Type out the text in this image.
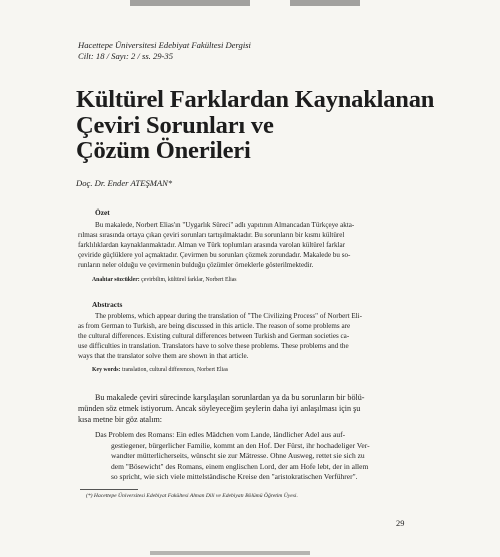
Hacettepe Üniversitesi Edebiyat Fakültesi Dergisi
Cilt: 18 / Sayı: 2 / ss. 29-35
Kültürel Farklardan Kaynaklanan
Çeviri Sorunları ve
Çözüm Önerileri
Doç. Dr. Ender ATEŞMAN*
Özet
Bu makalede, Norbert Elias'ın "Uygarlık Süreci" adlı yapıtının Almancadan Türkçeye akta-
rılması sırasında ortaya çıkan çeviri sorunları tartışılmaktadır. Bu sorunların bir kısmı kültürel
farklılıklardan kaynaklanmaktadır. Alman ve Türk toplumları arasında varolan kültürel farklar
çeviride güçlüklere yol açmaktadır. Çevirmen bu sorunları çözmek zorundadır. Makalede bu so-
runların neler olduğu ve çevirmenin bulduğu çözümler örneklerle gösterilmektedir.
Anahtar sözcükler: çevirbilim, kültürel farklar, Norbert Elias
Abstracts
The problems, which appear during the translation of "The Civilizing Process" of Norbert Eli-
as from German to Turkish, are being discussed in this article. The reason of some problems are
the cultural differences. Existing cultural differences between Turkish and German societies ca-
use difficulties in translation. Translators have to solve these problems. These problems and the
ways that the translator solve them are shown in that article.
Key words: translation, cultural differences, Norbert Elias
Bu makalede çeviri sürecinde karşılaşılan sorunlardan ya da bu sorunların bir bölü-
münden söz etmek istiyorum. Ancak söyleyeceğim şeylerin daha iyi anlaşılması için şu
kısa metne bir göz atalım:
Das Problem des Romans: Ein edles Mädchen vom Lande, ländlicher Adel aus auf-
gestiegener, bürgerlicher Familie, kommt an den Hof. Der Fürst, ihr hochadeliger Ver-
wandter mütterlicherseits, wünscht sie zur Mätresse. Ohne Ausweg, rettet sie sich zu
dem "Bösewicht" des Romans, einem englischen Lord, der am Hofe lebt, der in allem
so spricht, wie sich viele mittelständische Kreise den "aristokratischen Verführer".
(*) Hacettepe Üniversitesi Edebiyat Fakültesi Alman Dili ve Edebiyatı Bölümü Öğretim Üyesi.
29
